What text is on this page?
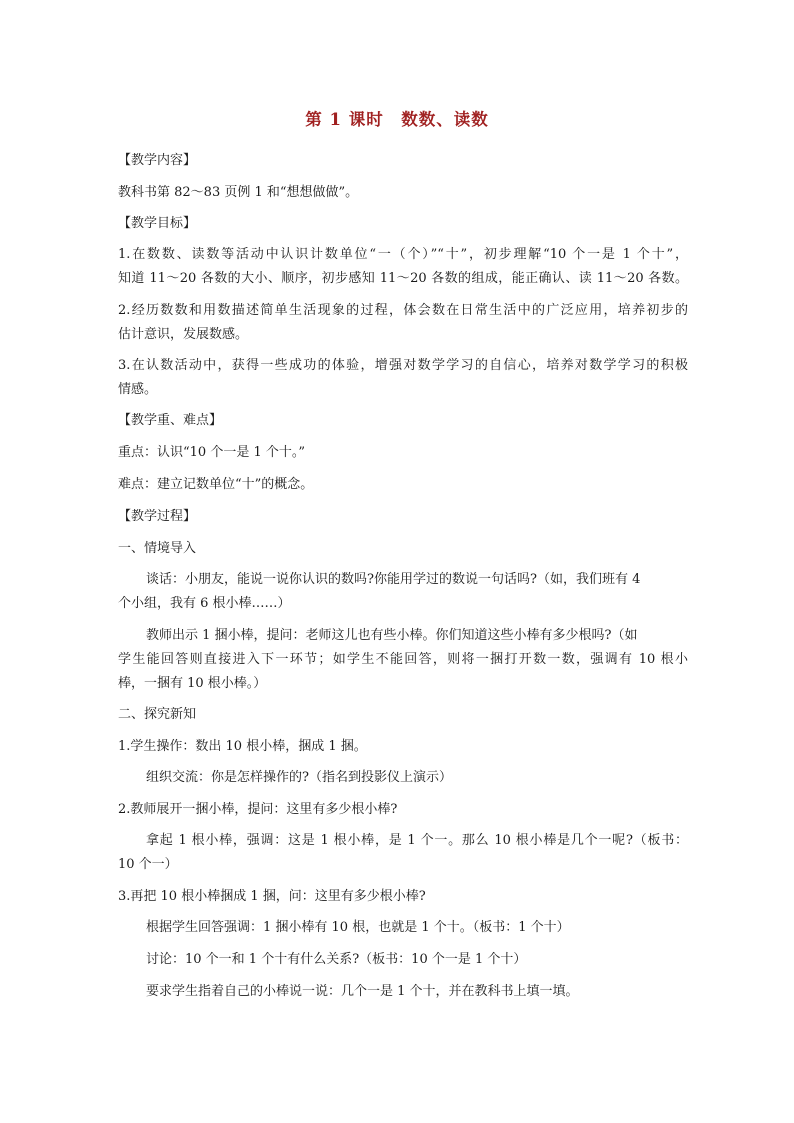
第 1 课时　数数、读数
【教学内容】
教科书第 82～83 页例 1 和“想想做做”。
【教学目标】
1.在数数、读数等活动中认识计数单位“一（个）”“十”，初步理解“10 个一是 1 个十”，
知道 11～20 各数的大小、顺序，初步感知 11～20 各数的组成，能正确认、读 11～20 各数。
2.经历数数和用数描述简单生活现象的过程，体会数在日常生活中的广泛应用，培养初步的
估计意识，发展数感。
3.在认数活动中，获得一些成功的体验，增强对数学学习的自信心，培养对数学学习的积极
情感。
【教学重、难点】
重点：认识“10 个一是 1 个十。”
难点：建立记数单位“十”的概念。
【教学过程】
一、情境导入
谈话：小朋友，能说一说你认识的数吗?你能用学过的数说一句话吗?（如，我们班有 4
个小组，我有 6 根小棒……）
教师出示 1 捆小棒，提问：老师这儿也有些小棒。你们知道这些小棒有多少根吗?（如
学生能回答则直接进入下一环节；如学生不能回答，则将一捆打开数一数，强调有 10 根小
棒，一捆有 10 根小棒。）
二、探究新知
1.学生操作：数出 10 根小棒，捆成 1 捆。
组织交流：你是怎样操作的?（指名到投影仪上演示）
2.教师展开一捆小棒，提问：这里有多少根小棒?
拿起 1 根小棒，强调：这是 1 根小棒，是 1 个一。那么 10 根小棒是几个一呢?（板书：
10 个一）
3.再把 10 根小棒捆成 1 捆，问：这里有多少根小棒?
根据学生回答强调：1 捆小棒有 10 根，也就是 1 个十。（板书：1 个十）
讨论：10 个一和 1 个十有什么关系?（板书：10 个一是 1 个十）
要求学生指着自己的小棒说一说：几个一是 1 个十，并在教科书上填一填。
